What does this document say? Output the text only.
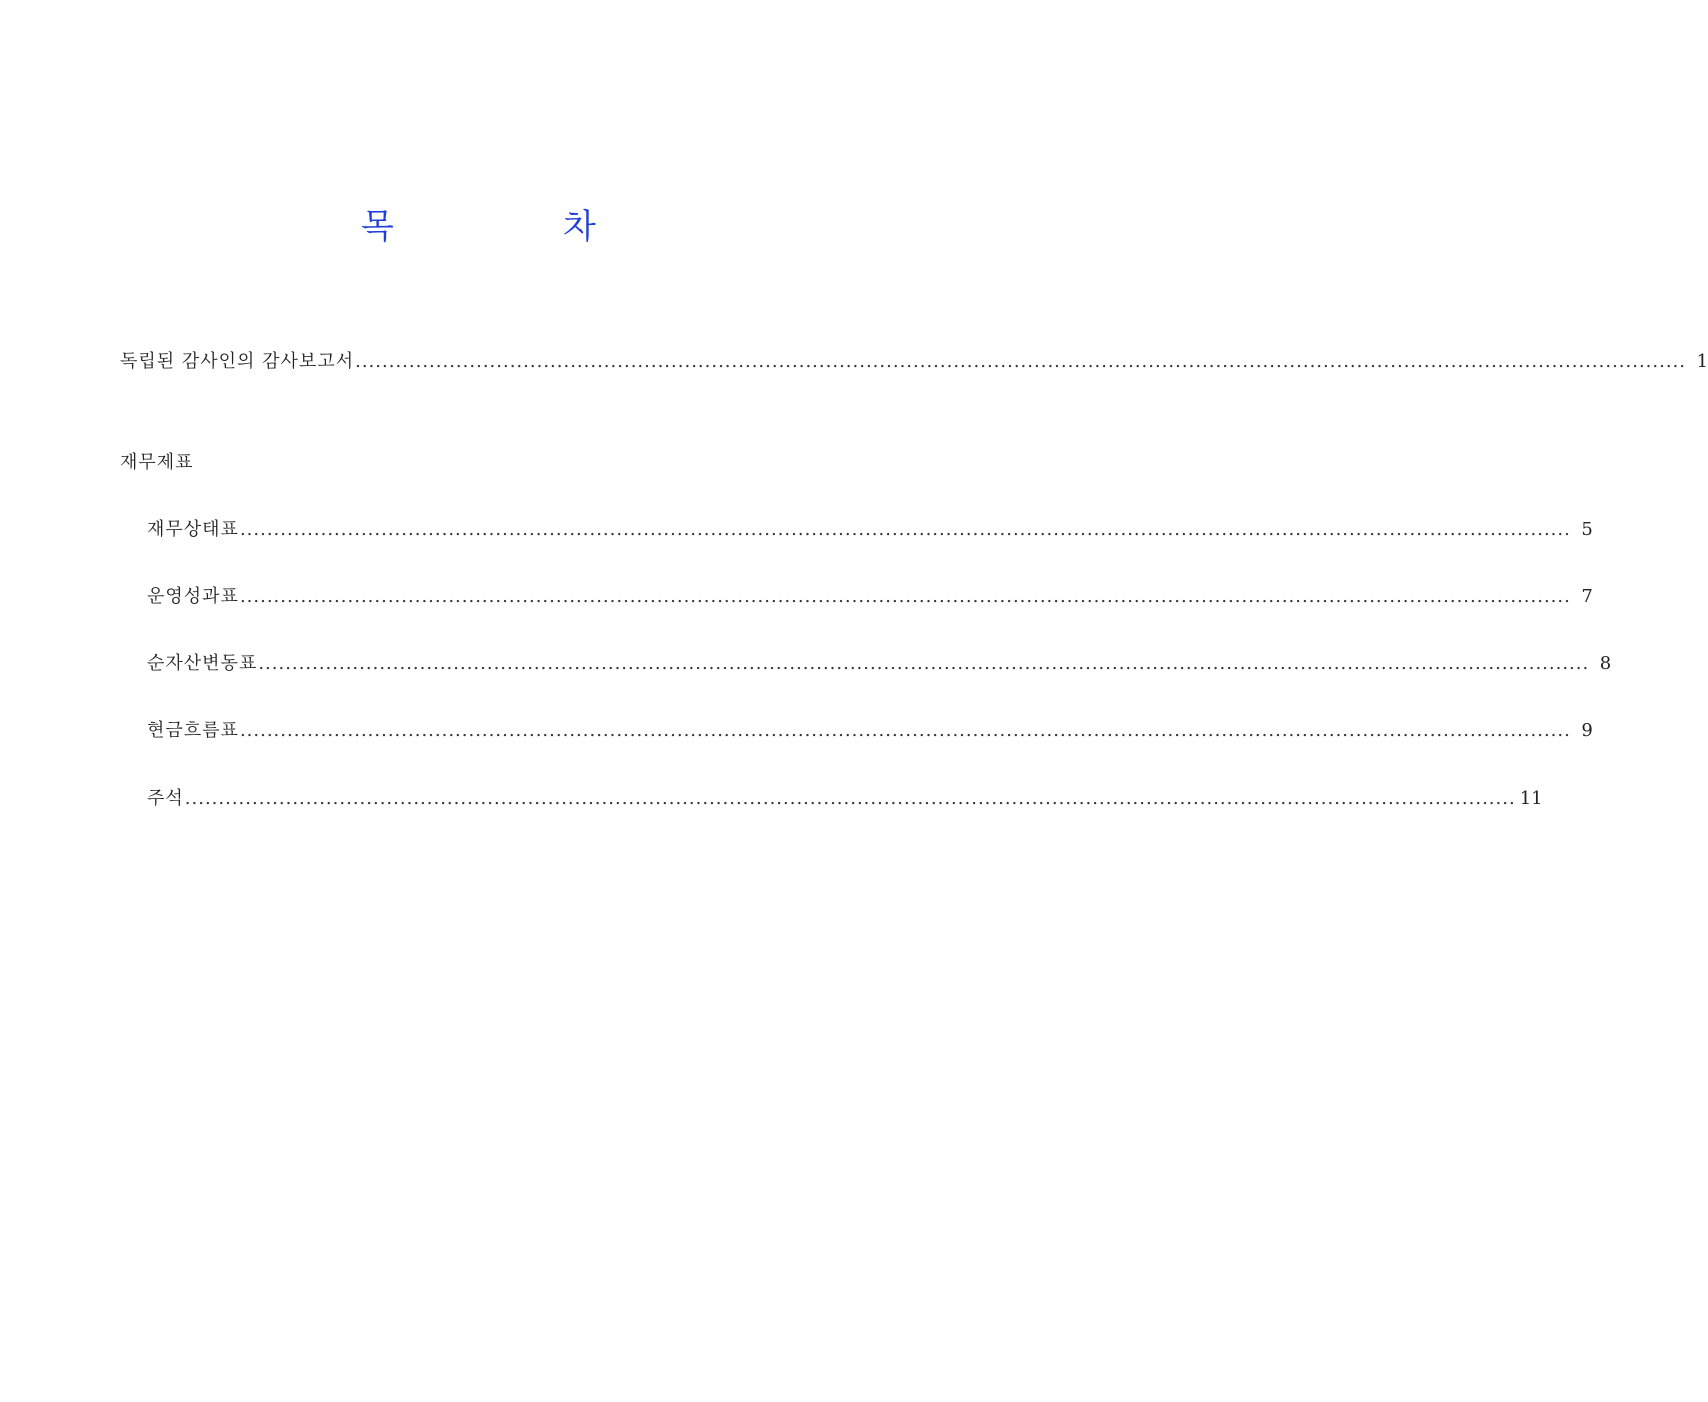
목	차
독립된 감사인의 감사보고서 ...................................................................................................................................................................................................... 1
재무제표
재무상태표 ...................................................................................................................................................................................................... 5
운영성과표 ...................................................................................................................................................................................................... 7
순자산변동표 ...................................................................................................................................................................................................... 8
현금흐름표 ...................................................................................................................................................................................................... 9
주석 ...................................................................................................................................................................................................... 11
